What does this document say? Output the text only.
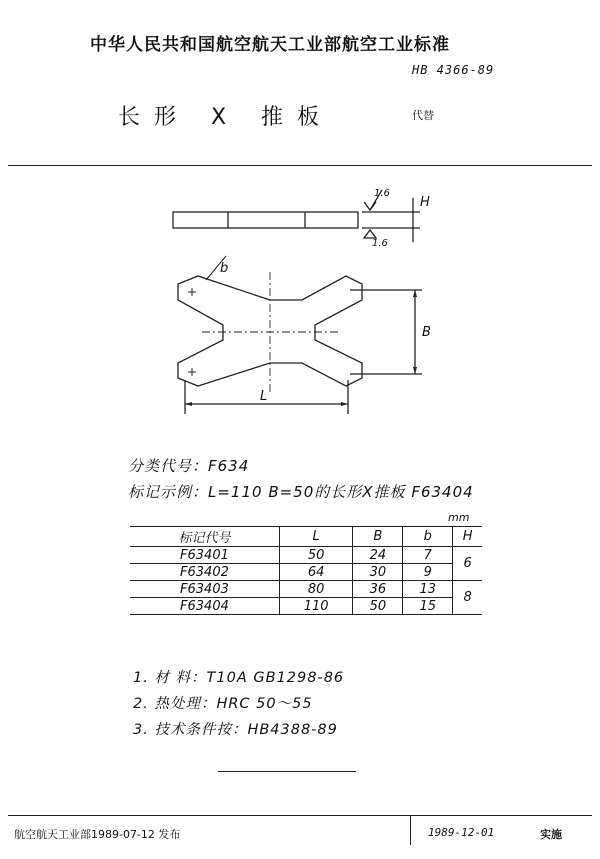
中华人民共和国航空航天工业部航空工业标准
HB 4366-89
长形 X 推板	代替
1.6
1.6
H
B
L
b
分类代号：F634
标记示例：L=110 B=50的长形X推板 F63404
mm
标记代号	L	B	b	H
F63401	50	24	7	6
F63402	64	30	9	
F63403	80	36	13	8
F63404	110	50	15	
1. 材 料：T10A GB1298-86
2. 热处理：HRC 50～55
3. 技术条件按：HB4388-89
航空航天工业部1989-07-12 发布	1989-12-01	实施
